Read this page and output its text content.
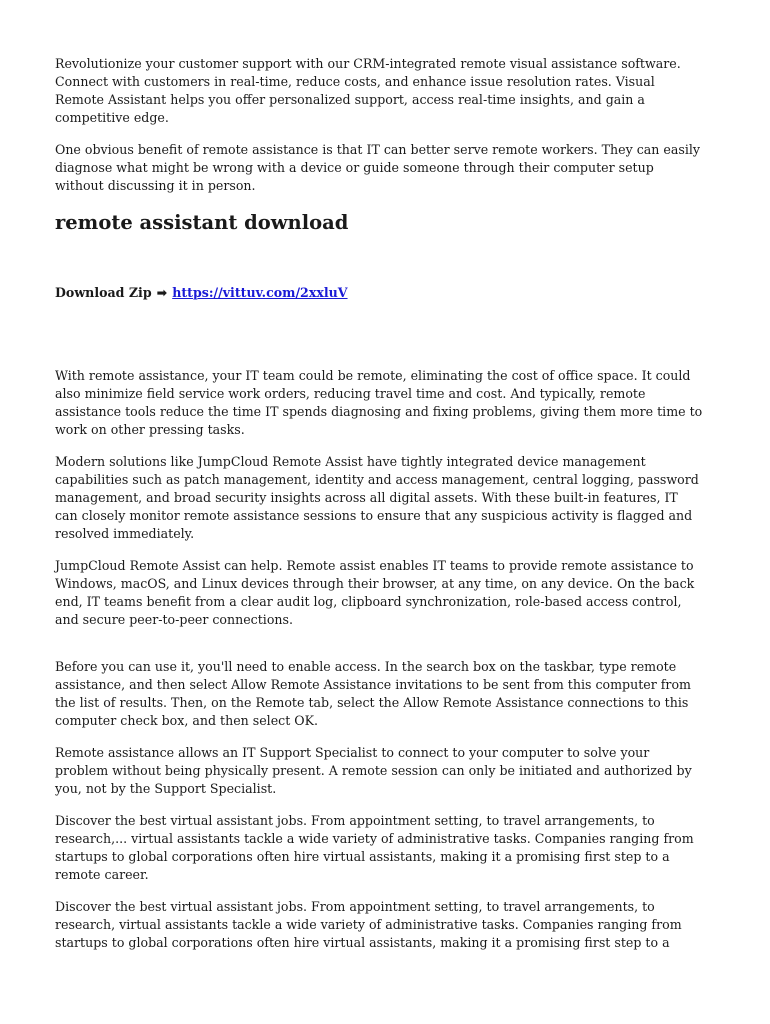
Revolutionize your customer support with our CRM-integrated remote visual assistance software.
Connect with customers in real-time, reduce costs, and enhance issue resolution rates. Visual
Remote Assistant helps you offer personalized support, access real-time insights, and gain a
competitive edge.
One obvious benefit of remote assistance is that IT can better serve remote workers. They can easily
diagnose what might be wrong with a device or guide someone through their computer setup
without discussing it in person.
remote assistant download
Download Zip ➡ https://vittuv.com/2xxluV
With remote assistance, your IT team could be remote, eliminating the cost of office space. It could
also minimize field service work orders, reducing travel time and cost. And typically, remote
assistance tools reduce the time IT spends diagnosing and fixing problems, giving them more time to
work on other pressing tasks.
Modern solutions like JumpCloud Remote Assist have tightly integrated device management
capabilities such as patch management, identity and access management, central logging, password
management, and broad security insights across all digital assets. With these built-in features, IT
can closely monitor remote assistance sessions to ensure that any suspicious activity is flagged and
resolved immediately.
JumpCloud Remote Assist can help. Remote assist enables IT teams to provide remote assistance to
Windows, macOS, and Linux devices through their browser, at any time, on any device. On the back
end, IT teams benefit from a clear audit log, clipboard synchronization, role-based access control,
and secure peer-to-peer connections.
Before you can use it, you'll need to enable access. In the search box on the taskbar, type remote
assistance, and then select Allow Remote Assistance invitations to be sent from this computer from
the list of results. Then, on the Remote tab, select the Allow Remote Assistance connections to this
computer check box, and then select OK.
Remote assistance allows an IT Support Specialist to connect to your computer to solve your
problem without being physically present. A remote session can only be initiated and authorized by
you, not by the Support Specialist.
Discover the best virtual assistant jobs. From appointment setting, to travel arrangements, to
research,... virtual assistants tackle a wide variety of administrative tasks. Companies ranging from
startups to global corporations often hire virtual assistants, making it a promising first step to a
remote career.
Discover the best virtual assistant jobs. From appointment setting, to travel arrangements, to
research, virtual assistants tackle a wide variety of administrative tasks. Companies ranging from
startups to global corporations often hire virtual assistants, making it a promising first step to a
